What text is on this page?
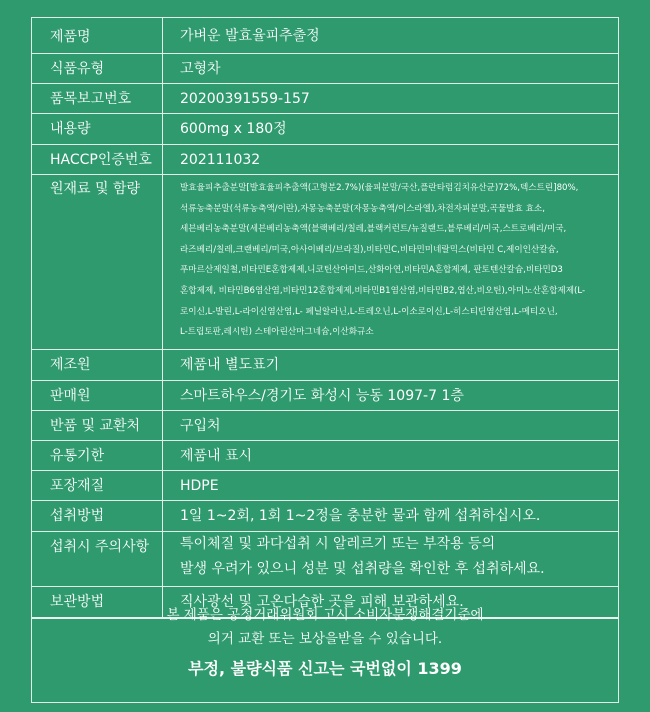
제품명	가벼운 발효율피추출정
식품유형	고형차
품목보고번호	20200391559-157
내용량	600mg x 180정
HACCP인증번호	202111032
원재료 및 함량	발효율피추출분말[발효율피추출액(고형분2.7%)(율피분말/국산,플란타럼김치유산균)72%,덱스트린]80%,
석류농축분말(석류농축액/이란),자몽농축분말(자몽농축액/이스라엘),차전자피분말,곡물발효 효소,
세븐베리농축분말(세븐베리농축액(블랙베리/칠레,블랙커런트/뉴질랜드,블루베리/미국,스트로베리/미국,
라즈베리/칠레,크랜베리/미국,아사이베리/브라질),비타민C,비타민미네랄믹스(비타민 C,제이인산칼슘,
푸마르산제일철,비타민E혼합제제,니코틴산아미드,산화아연,비타민A혼합제제, 판토텐산칼슘,비타민D3
혼합제제, 비타민B6염산염,비타민12혼합제제,비타민B1염산염,비타민B2,엽산,비오틴),아미노산혼합제제(L-
로이신,L-발린,L-라이신염산염,L- 페닐알라닌,L-트레오닌,L-이소로이신,L-히스티딘염산염,L-메티오닌,
L-트립토판,레시틴) 스테아린산마그네슘,이산화규소
제조원	제품내 별도표기
판매원	스마트하우스/경기도 화성시 능동 1097-7 1층
반품 및 교환처	구입처
유통기한	제품내 표시
포장재질	HDPE
섭취방법	1일 1~2회, 1회 1~2정을 충분한 물과 함께 섭취하십시오.
섭취시 주의사항	특이체질 및 과다섭취 시 알레르기 또는 부작용 등의
발생 우려가 있으니 성분 및 섭취량을 확인한 후 섭취하세요.
보관방법	직사광선 및 고온다습한 곳을 피해 보관하세요.
본 제품은 공정거래위원회 고시 소비자분쟁해결기준에
의거 교환 또는 보상을받을 수 있습니다.
부정, 불량식품 신고는 국번없이 1399
